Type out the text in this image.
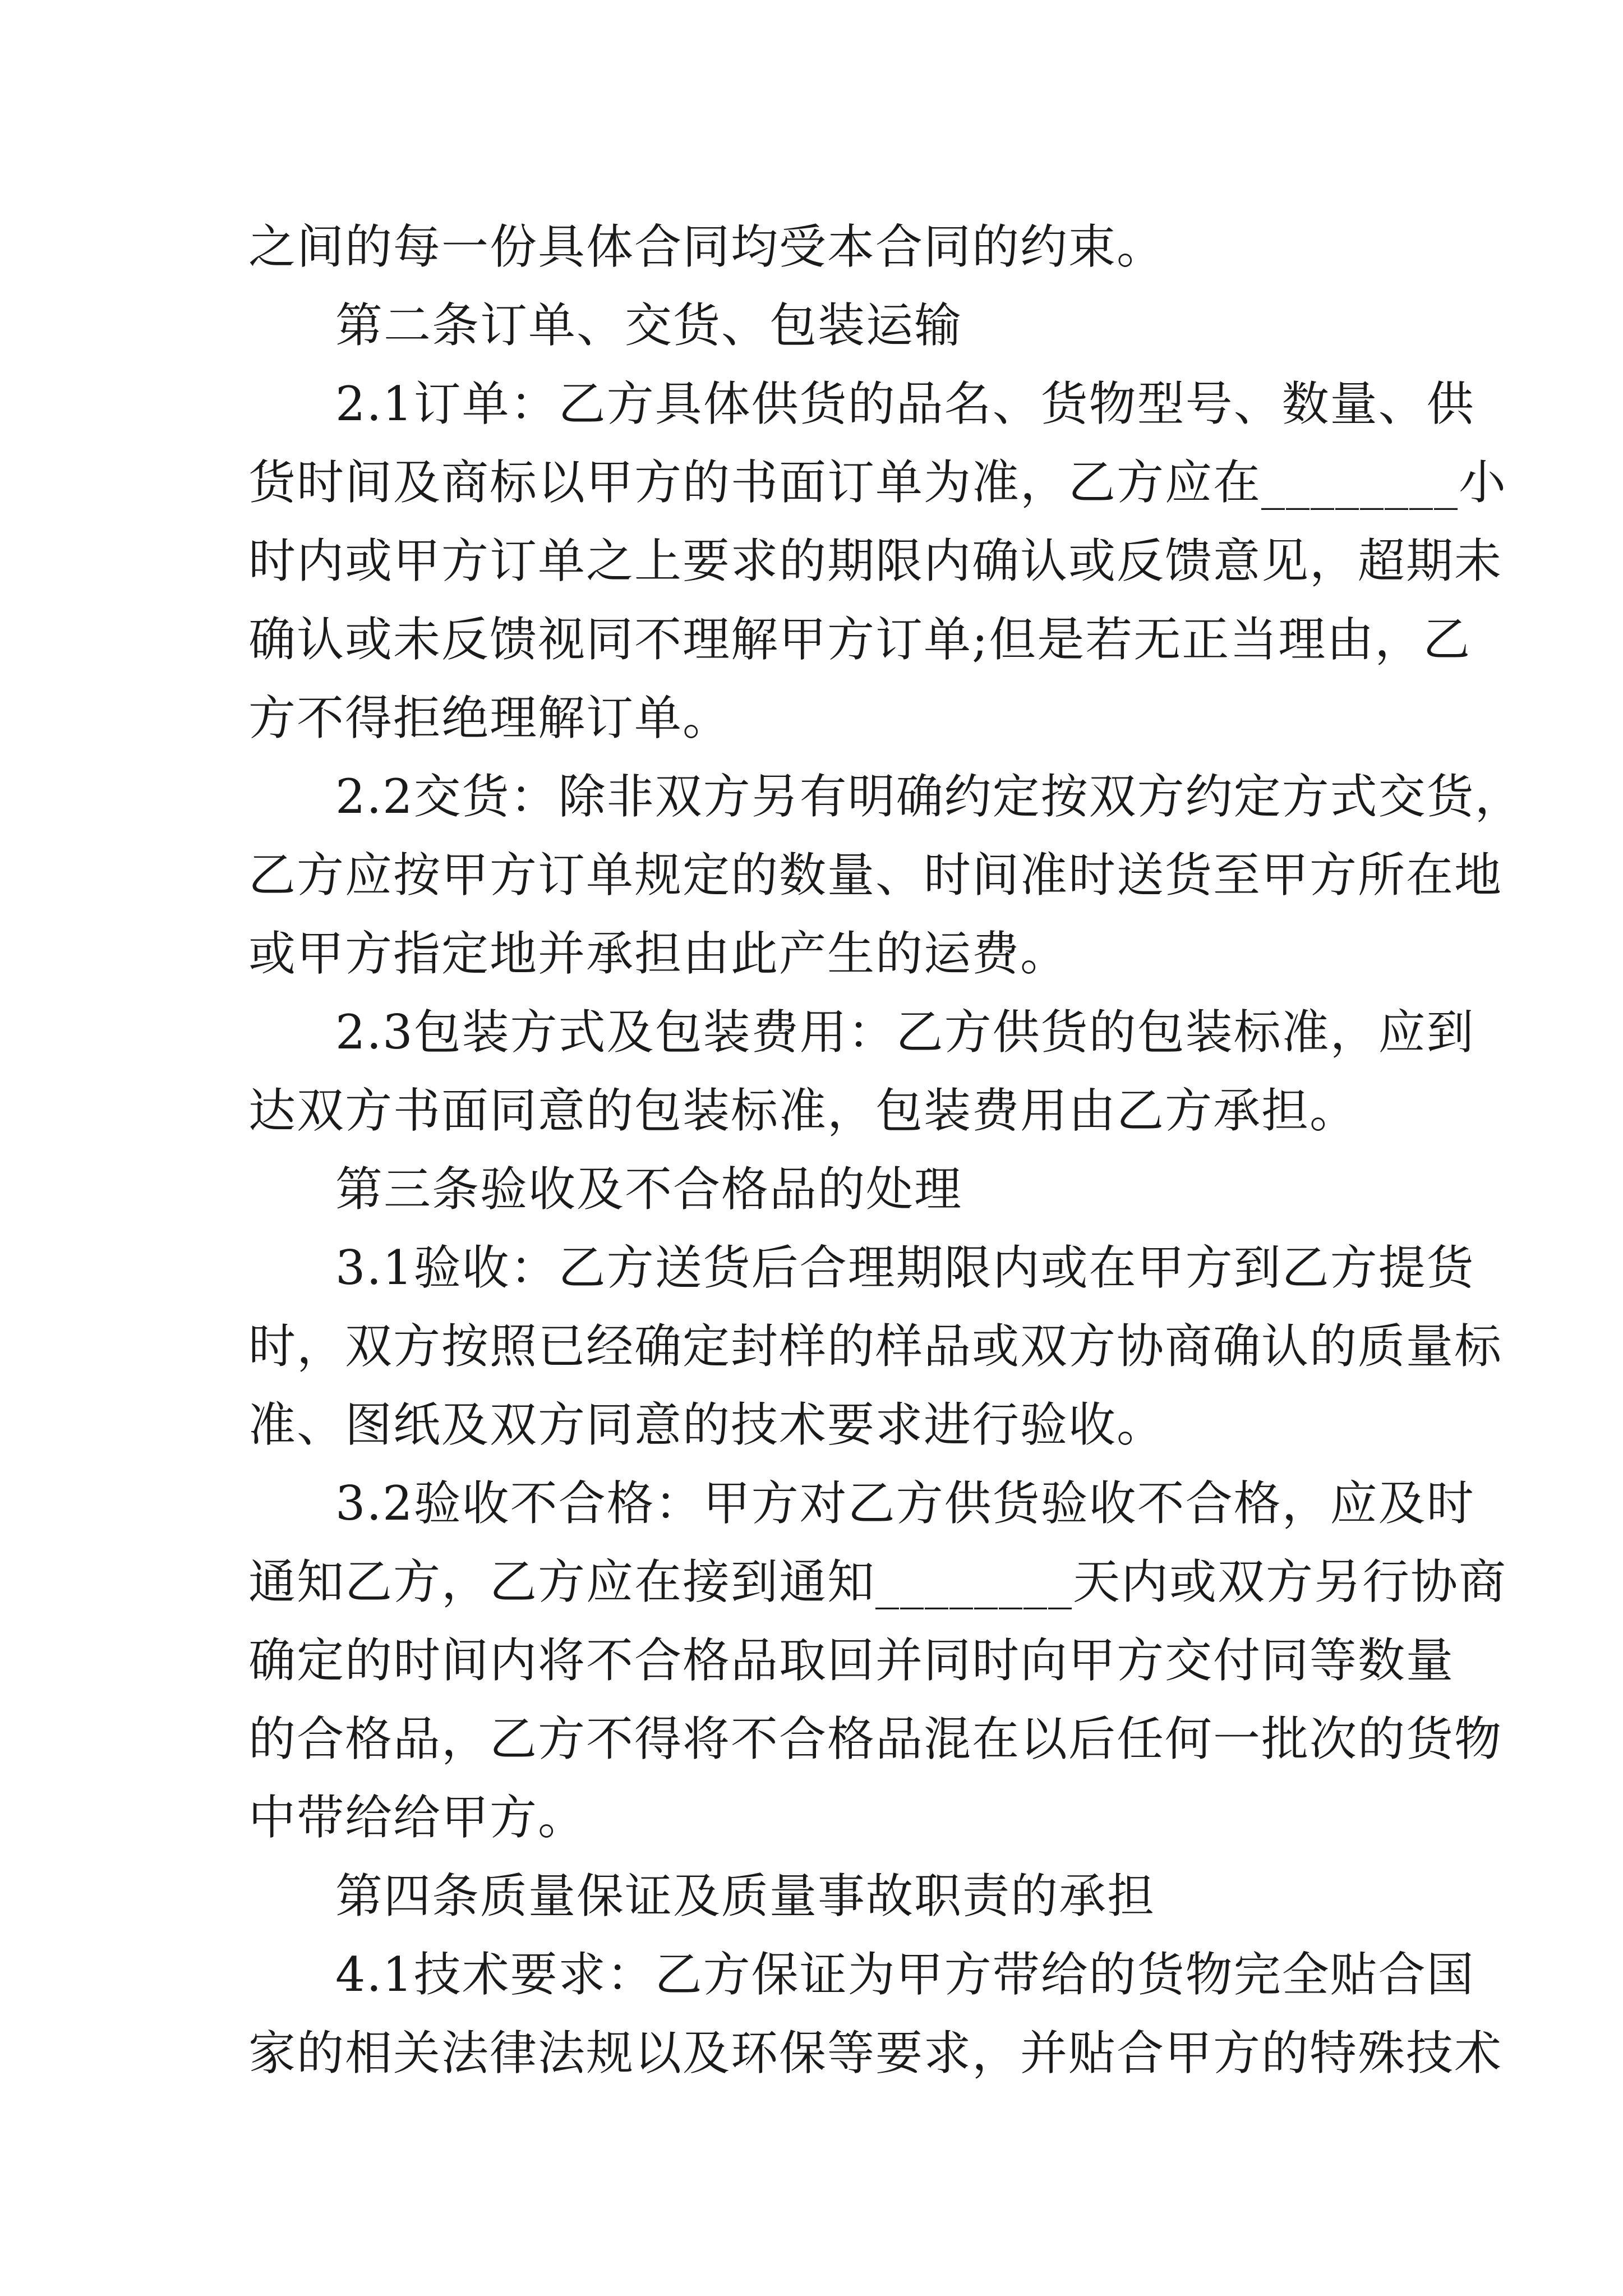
之间的每一份具体合同均受本合同的约束。
第二条订单、交货、包装运输
2.1订单：乙方具体供货的品名、货物型号、数量、供
货时间及商标以甲方的书面订单为准，乙方应在________小
时内或甲方订单之上要求的期限内确认或反馈意见，超期未
确认或未反馈视同不理解甲方订单;但是若无正当理由，乙
方不得拒绝理解订单。
2.2交货：除非双方另有明确约定按双方约定方式交货，
乙方应按甲方订单规定的数量、时间准时送货至甲方所在地
或甲方指定地并承担由此产生的运费。
2.3包装方式及包装费用：乙方供货的包装标准，应到
达双方书面同意的包装标准，包装费用由乙方承担。
第三条验收及不合格品的处理
3.1验收：乙方送货后合理期限内或在甲方到乙方提货
时，双方按照已经确定封样的样品或双方协商确认的质量标
准、图纸及双方同意的技术要求进行验收。
3.2验收不合格：甲方对乙方供货验收不合格，应及时
通知乙方，乙方应在接到通知________天内或双方另行协商
确定的时间内将不合格品取回并同时向甲方交付同等数量
的合格品，乙方不得将不合格品混在以后任何一批次的货物
中带给给甲方。
第四条质量保证及质量事故职责的承担
4.1技术要求：乙方保证为甲方带给的货物完全贴合国
家的相关法律法规以及环保等要求，并贴合甲方的特殊技术
